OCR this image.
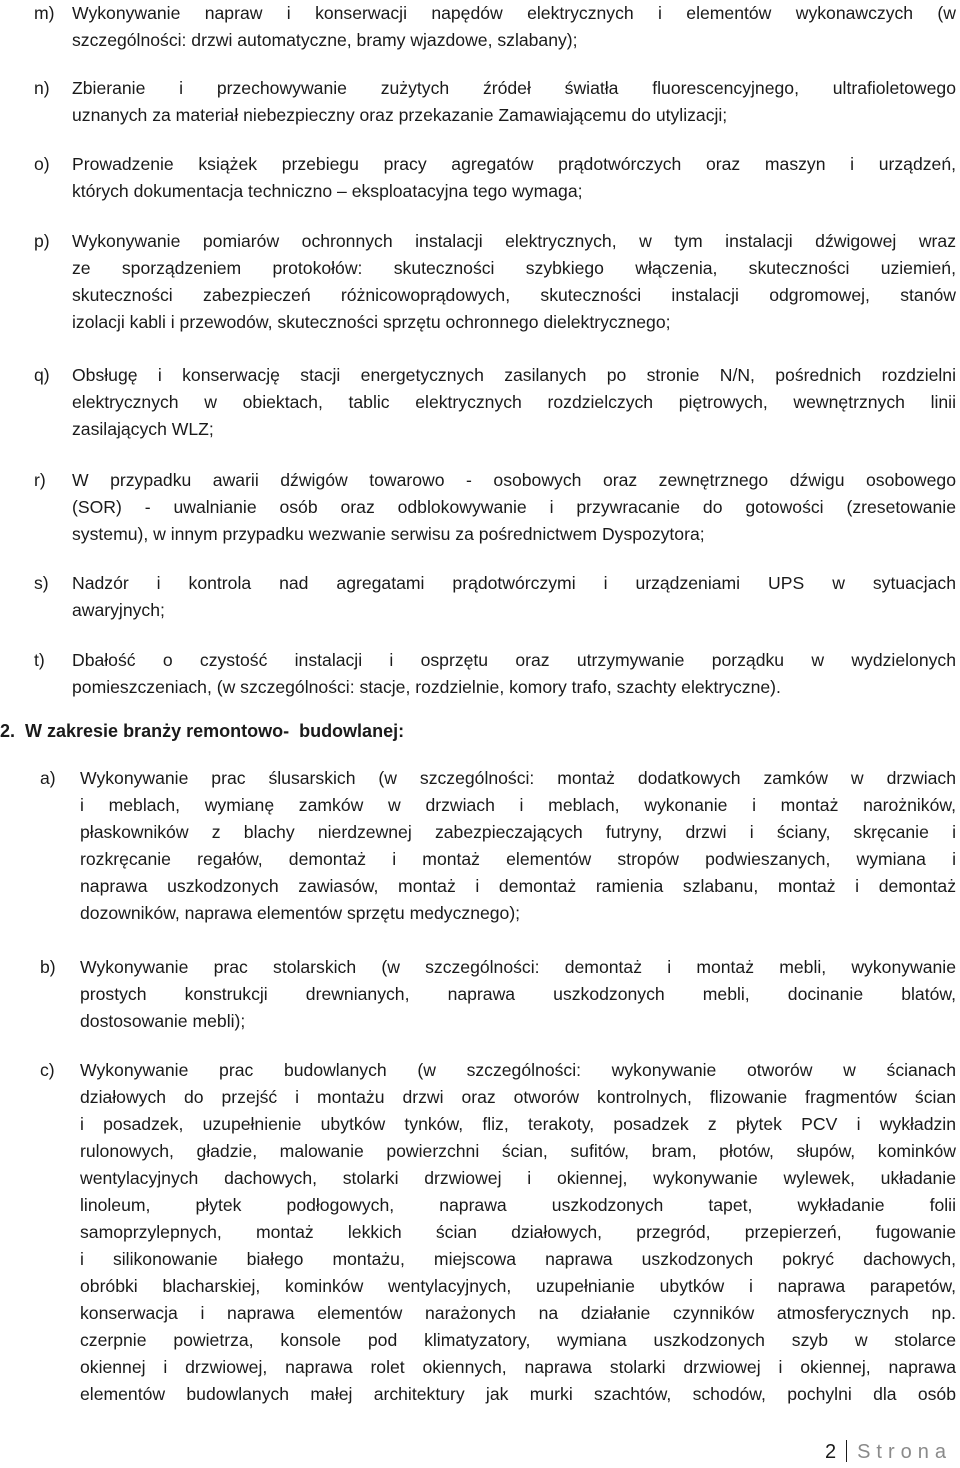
m) Wykonywanie napraw i konserwacji napędów elektrycznych i elementów wykonawczych (w
szczególności: drzwi automatyczne, bramy wjazdowe, szlabany);
n)	Zbieranie i przechowywanie zużytych źródeł światła fluorescencyjnego, ultrafioletowego
uznanych za materiał niebezpieczny oraz przekazanie Zamawiającemu do utylizacji;
o)	Prowadzenie książek przebiegu pracy agregatów prądotwórczych oraz maszyn i urządzeń,
których dokumentacja techniczno – eksploatacyjna tego wymaga;
p)	Wykonywanie pomiarów ochronnych instalacji elektrycznych, w tym instalacji dźwigowej wraz
ze sporządzeniem protokołów: skuteczności szybkiego włączenia, skuteczności uziemień,
skuteczności zabezpieczeń różnicowoprądowych, skuteczności instalacji odgromowej, stanów
izolacji kabli i przewodów, skuteczności sprzętu ochronnego dielektrycznego;
q)	Obsługę i konserwację stacji energetycznych zasilanych po stronie N/N, pośrednich rozdzielni
elektrycznych w obiektach, tablic elektrycznych rozdzielczych piętrowych, wewnętrznych linii
zasilających WLZ;
r)	W przypadku awarii dźwigów towarowo - osobowych oraz zewnętrznego dźwigu osobowego
(SOR) - uwalnianie osób oraz odblokowywanie i przywracanie do gotowości (zresetowanie
systemu), w innym przypadku wezwanie serwisu za pośrednictwem Dyspozytora;
s)	Nadzór i kontrola nad agregatami prądotwórczymi i urządzeniami UPS w sytuacjach
awaryjnych;
t)	Dbałość o czystość instalacji i osprzętu oraz utrzymywanie porządku w wydzielonych
pomieszczeniach, (w szczególności: stacje, rozdzielnie, komory trafo, szachty elektryczne).
2.  W zakresie branży remontowo-  budowlanej:
a)	Wykonywanie prac ślusarskich (w szczególności: montaż dodatkowych zamków w drzwiach
i meblach, wymianę zamków w drzwiach i meblach, wykonanie i montaż narożników,
płaskowników z blachy nierdzewnej zabezpieczających futryny, drzwi i ściany, skręcanie i
rozkręcanie regałów, demontaż i montaż elementów stropów podwieszanych, wymiana i
naprawa uszkodzonych zawiasów, montaż i demontaż ramienia szlabanu, montaż i demontaż
dozowników, naprawa elementów sprzętu medycznego);
b)	Wykonywanie prac stolarskich (w szczególności: demontaż i montaż mebli, wykonywanie
prostych konstrukcji drewnianych, naprawa uszkodzonych mebli, docinanie blatów,
dostosowanie mebli);
c)	Wykonywanie prac budowlanych (w szczególności: wykonywanie otworów w ścianach
działowych do przejść i montażu drzwi oraz otworów kontrolnych, flizowanie fragmentów ścian
i posadzek, uzupełnienie ubytków tynków, fliz, terakoty, posadzek z płytek PCV i wykładzin
rulonowych, gładzie, malowanie powierzchni ścian, sufitów, bram, płotów, słupów, kominków
wentylacyjnych dachowych, stolarki drzwiowej i okiennej, wykonywanie wylewek, układanie
linoleum, płytek podłogowych, naprawa uszkodzonych tapet, wykładanie folii
samoprzylepnych, montaż lekkich ścian działowych, przegród, przepierzeń, fugowanie
i silikonowanie białego montażu, miejscowa naprawa uszkodzonych pokryć dachowych,
obróbki blacharskiej, kominków wentylacyjnych, uzupełnianie ubytków i naprawa parapetów,
konserwacja i naprawa elementów narażonych na działanie czynników atmosferycznych np.
czerpnie powietrza, konsole pod klimatyzatory, wymiana uszkodzonych szyb w stolarce
okiennej i drzwiowej, naprawa rolet okiennych, naprawa stolarki drzwiowej i okiennej, naprawa
elementów budowlanych małej architektury jak murki szachtów, schodów, pochylni dla osób
2 Strona
